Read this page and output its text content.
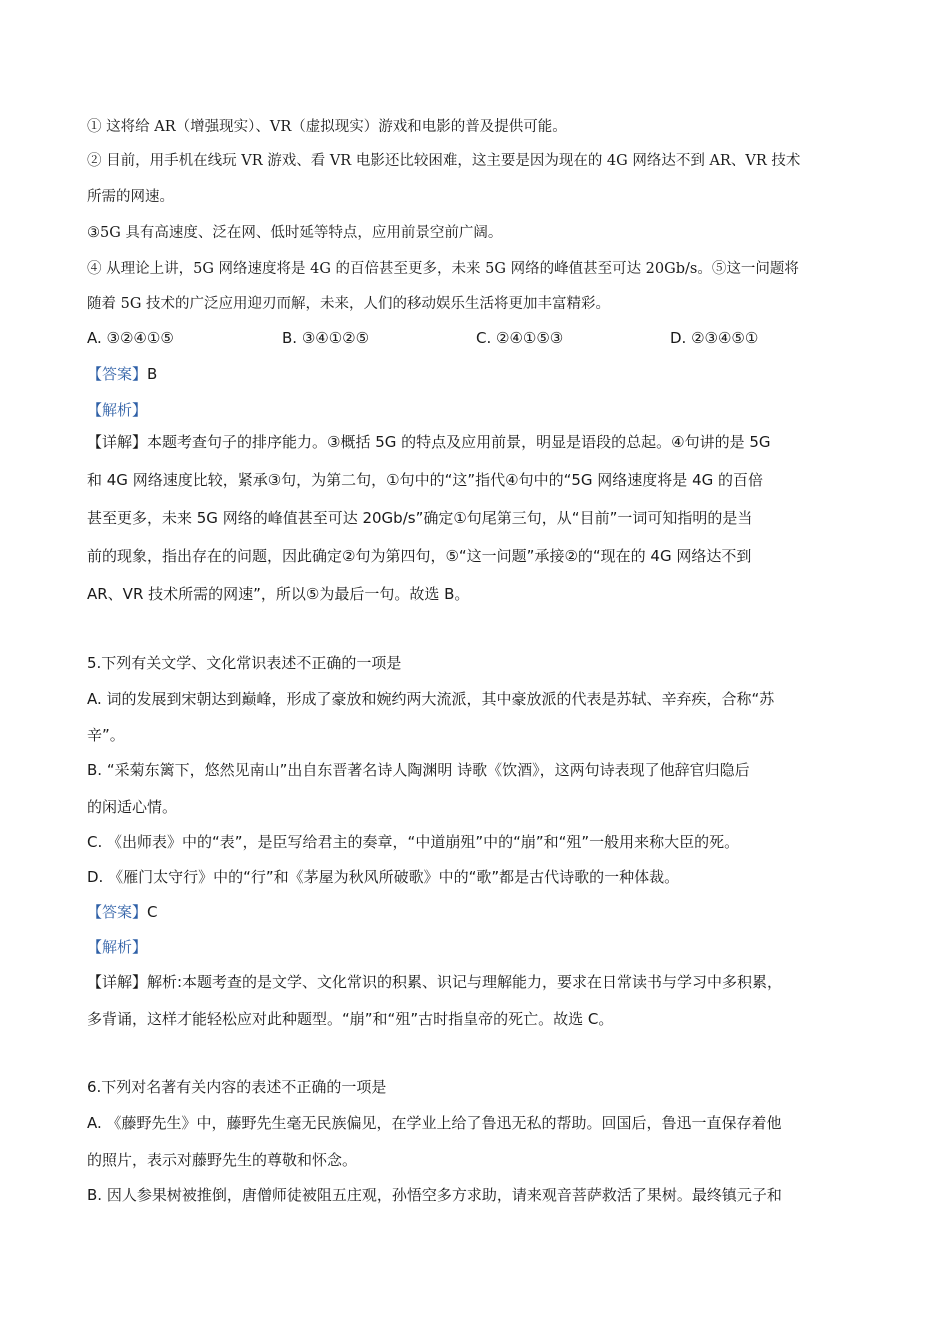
① 这将给 AR（增强现实）、VR（虚拟现实）游戏和电影的普及提供可能。
② 目前，用手机在线玩 VR 游戏、看 VR 电影还比较困难，这主要是因为现在的 4G 网络达不到 AR、VR 技术
所需的网速。
③5G 具有高速度、泛在网、低时延等特点，应用前景空前广阔。
④ 从理论上讲，5G 网络速度将是 4G 的百倍甚至更多，未来 5G 网络的峰值甚至可达 20Gb/s。⑤这一问题将
随着 5G 技术的广泛应用迎刃而解，未来，人们的移动娱乐生活将更加丰富精彩。
A. ③②④①⑤	B. ③④①②⑤	C. ②④①⑤③	D. ②③④⑤①
【答案】B
【解析】
【详解】本题考查句子的排序能力。③概括 5G 的特点及应用前景，明显是语段的总起。④句讲的是 5G
和 4G 网络速度比较，紧承③句，为第二句，①句中的“这”指代④句中的“5G 网络速度将是 4G 的百倍
甚至更多，未来 5G 网络的峰值甚至可达 20Gb/s”确定①句尾第三句，从“目前”一词可知指明的是当
前的现象，指出存在的问题，因此确定②句为第四句，⑤“这一问题”承接②的“现在的 4G 网络达不到
AR、VR 技术所需的网速”，所以⑤为最后一句。故选 B。
5.下列有关文学、文化常识表述不正确的一项是
A. 词的发展到宋朝达到巅峰，形成了豪放和婉约两大流派，其中豪放派的代表是苏轼、辛弃疾，合称“苏
辛”。
B. “采菊东篱下，悠然见南山”出自东晋著名诗人陶渊明 诗歌《饮酒》，这两句诗表现了他辞官归隐后
的闲适心情。
C. 《出师表》中的“表”，是臣写给君主的奏章，“中道崩殂”中的“崩”和“殂”一般用来称大臣的死。
D. 《雁门太守行》中的“行”和《茅屋为秋风所破歌》中的“歌”都是古代诗歌的一种体裁。
【答案】C
【解析】
【详解】解析:本题考查的是文学、文化常识的积累、识记与理解能力，要求在日常读书与学习中多积累，
多背诵，这样才能轻松应对此种题型。“崩”和“殂”古时指皇帝的死亡。故选 C。
6.下列对名著有关内容的表述不正确的一项是
A. 《藤野先生》中，藤野先生毫无民族偏见，在学业上给了鲁迅无私的帮助。回国后，鲁迅一直保存着他
的照片，表示对藤野先生的尊敬和怀念。
B. 因人参果树被推倒，唐僧师徒被阻五庄观，孙悟空多方求助，请来观音菩萨救活了果树。最终镇元子和
